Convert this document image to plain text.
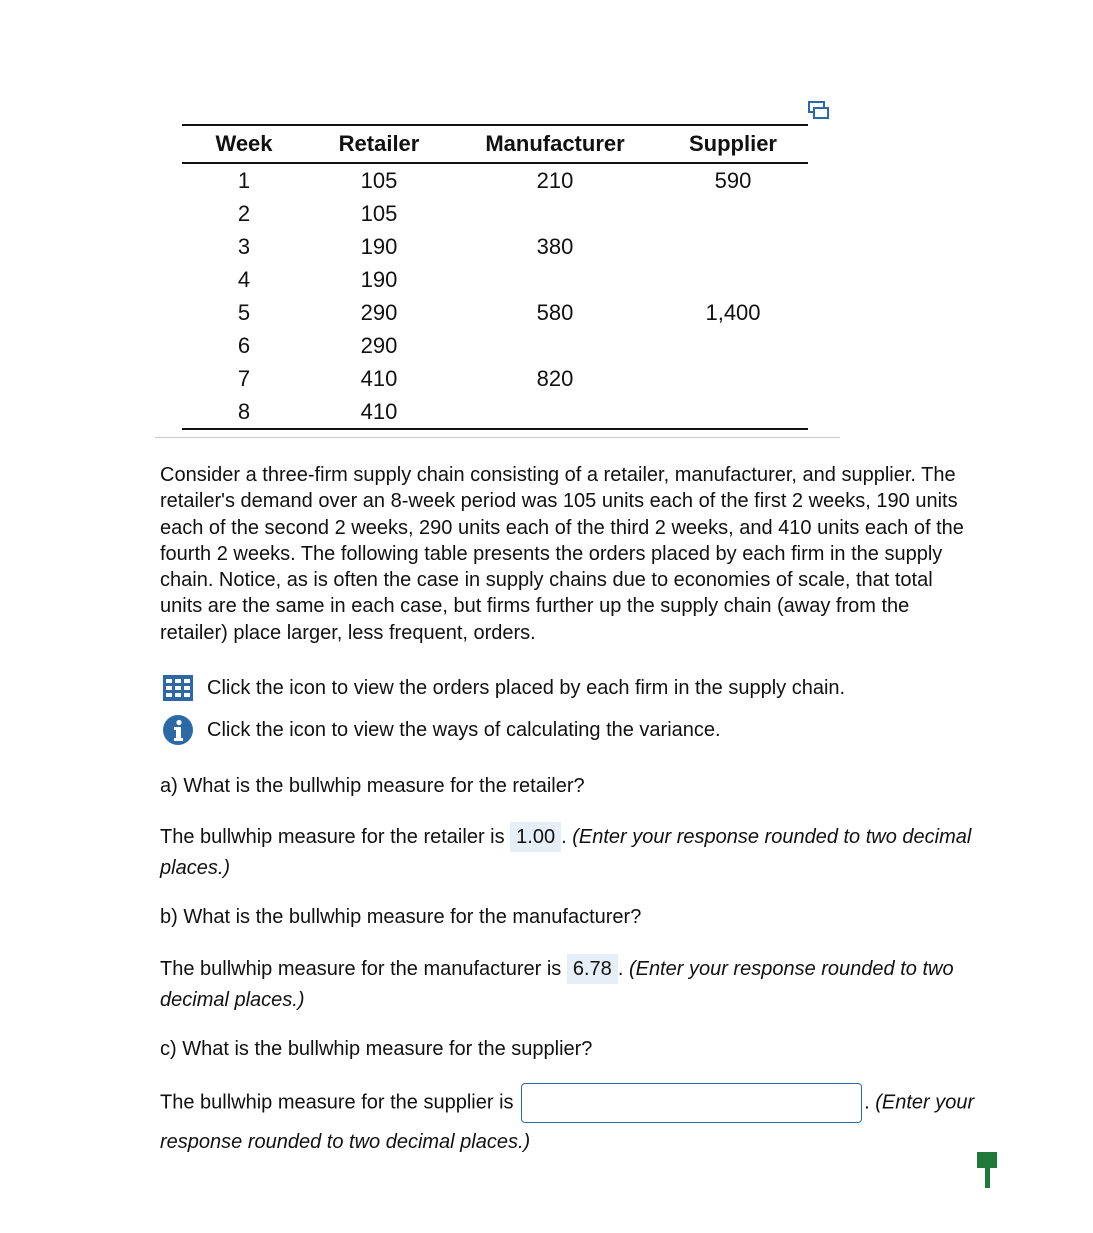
Week	Retailer	Manufacturer	Supplier
1	105	210	590
2	105		
3	190	380	
4	190		
5	290	580	1,400
6	290		
7	410	820	
8	410		
Consider a three-firm supply chain consisting of a retailer, manufacturer, and supplier. The retailer's demand over an 8-week period was 105 units each of the first 2 weeks, 190 units each of the second 2 weeks, 290 units each of the third 2 weeks, and 410 units each of the fourth 2 weeks. The following table presents the orders placed by each firm in the supply chain. Notice, as is often the case in supply chains due to economies of scale, that total units are the same in each case, but firms further up the supply chain (away from the retailer) place larger, less frequent, orders.
Click the icon to view the orders placed by each firm in the supply chain.
Click the icon to view the ways of calculating the variance.
a) What is the bullwhip measure for the retailer?
The bullwhip measure for the retailer is 1.00 . (Enter your response rounded to two decimal places.)
b) What is the bullwhip measure for the manufacturer?
The bullwhip measure for the manufacturer is 6.78 . (Enter your response rounded to two decimal places.)
c) What is the bullwhip measure for the supplier?
The bullwhip measure for the supplier is	. (Enter your response rounded to two decimal places.)
